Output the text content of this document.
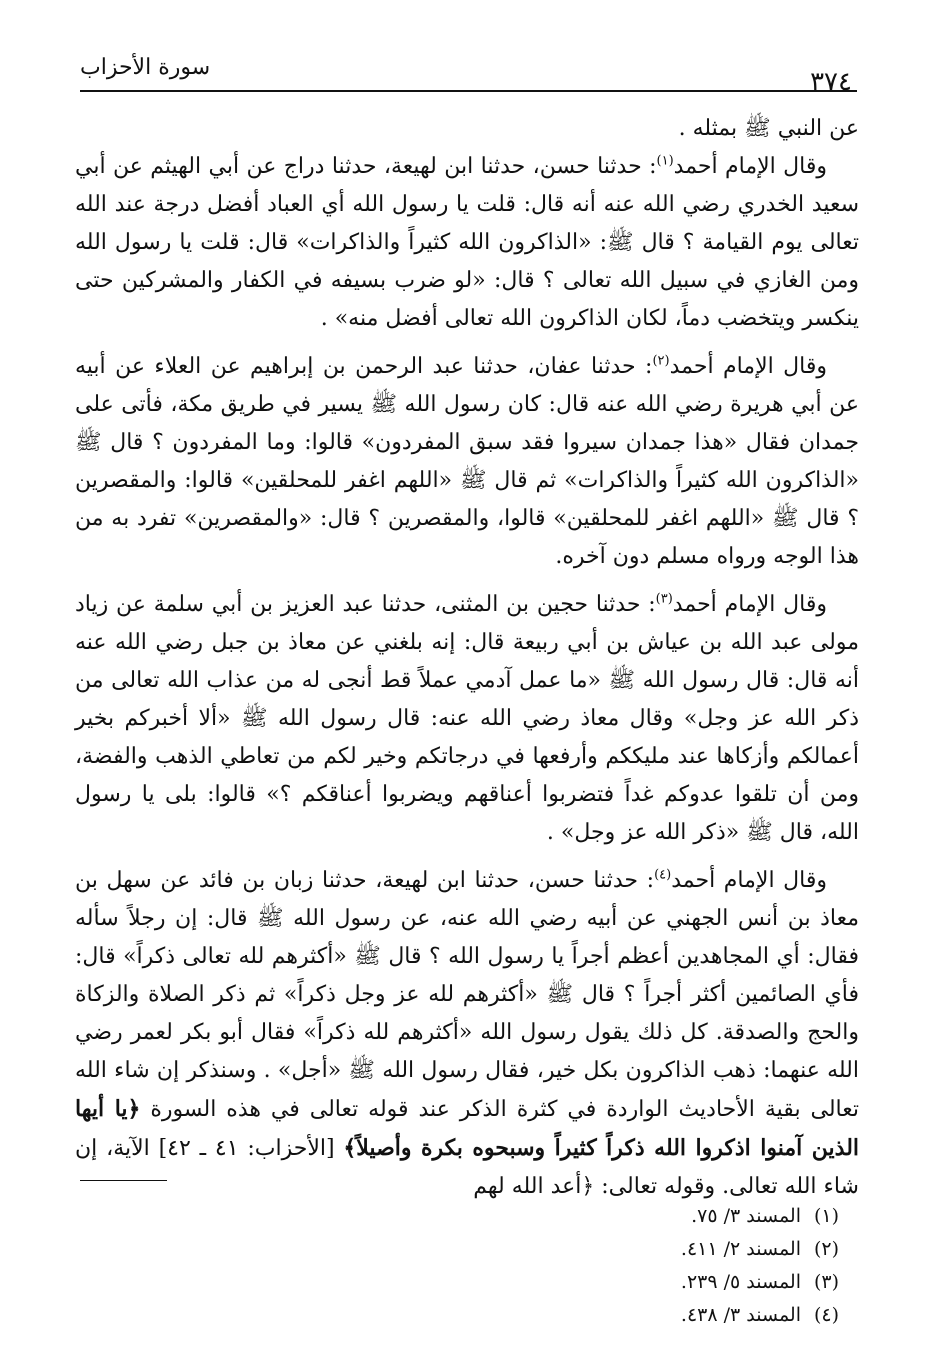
٣٧٤
سورة الأحزاب

عن النبي ﷺ بمثله .

وقال الإمام أحمد$^{(١)}$: حدثنا حسن، حدثنا ابن لهيعة، حدثنا دراج عن أبي الهيثم عن أبي سعيد الخدري رضي الله عنه أنه قال: قلت يا رسول الله أي العباد أفضل درجة عند الله تعالى يوم القيامة ؟ قال ﷺ: «الذاكرون الله كثيراً والذاكرات» قال: قلت يا رسول الله ومن الغازي في سبيل الله تعالى ؟ قال: «لو ضرب بسيفه في الكفار والمشركين حتى ينكسر ويتخضب دماً، لكان الذاكرون الله تعالى أفضل منه» .

وقال الإمام أحمد$^{(٢)}$: حدثنا عفان، حدثنا عبد الرحمن بن إبراهيم عن العلاء عن أبيه عن أبي هريرة رضي الله عنه قال: كان رسول الله ﷺ يسير في طريق مكة، فأتى على جمدان فقال «هذا جمدان سيروا فقد سبق المفردون» قالوا: وما المفردون ؟ قال ﷺ «الذاكرون الله كثيراً والذاكرات» ثم قال ﷺ «اللهم اغفر للمحلقين» قالوا: والمقصرين ؟ قال ﷺ «اللهم اغفر للمحلقين» قالوا، والمقصرين ؟ قال: «والمقصرين» تفرد به من هذا الوجه ورواه مسلم دون آخره.

وقال الإمام أحمد$^{(٣)}$: حدثنا حجين بن المثنى، حدثنا عبد العزيز بن أبي سلمة عن زياد مولى عبد الله بن عياش بن أبي ربيعة قال: إنه بلغني عن معاذ بن جبل رضي الله عنه أنه قال: قال رسول الله ﷺ «ما عمل آدمي عملاً قط أنجى له من عذاب الله تعالى من ذكر الله عز وجل» وقال معاذ رضي الله عنه: قال رسول الله ﷺ «ألا أخبركم بخير أعمالكم وأزكاها عند مليككم وأرفعها في درجاتكم وخير لكم من تعاطي الذهب والفضة، ومن أن تلقوا عدوكم غداً فتضربوا أعناقهم ويضربوا أعناقكم ؟» قالوا: بلى يا رسول الله، قال ﷺ «ذكر الله عز وجل» .

وقال الإمام أحمد$^{(٤)}$: حدثنا حسن، حدثنا ابن لهيعة، حدثنا زبان بن فائد عن سهل بن معاذ بن أنس الجهني عن أبيه رضي الله عنه، عن رسول الله ﷺ قال: إن رجلاً سأله فقال: أي المجاهدين أعظم أجراً يا رسول الله ؟ قال ﷺ «أكثرهم لله تعالى ذكراً» قال: فأي الصائمين أكثر أجراً ؟ قال ﷺ «أكثرهم لله عز وجل ذكراً» ثم ذكر الصلاة والزكاة والحج والصدقة. كل ذلك يقول رسول الله «أكثرهم لله ذكراً» فقال أبو بكر لعمر رضي الله عنهما: ذهب الذاكرون بكل خير، فقال رسول الله ﷺ «أجل» . وسنذكر إن شاء الله تعالى بقية الأحاديث الواردة في كثرة الذكر عند قوله تعالى في هذه السورة ﴿يا أيها الذين آمنوا اذكروا الله ذكراً كثيراً وسبحوه بكرة وأصيلاً﴾ [الأحزاب: ٤١ ـ ٤٢] الآية، إن شاء الله تعالى. وقوله تعالى: ﴿أعد الله لهم

(١)المسند ٣/ ٧٥.
(٢)المسند ٢/ ٤١١.
(٣)المسند ٥/ ٢٣٩.
(٤)المسند ٣/ ٤٣٨.
